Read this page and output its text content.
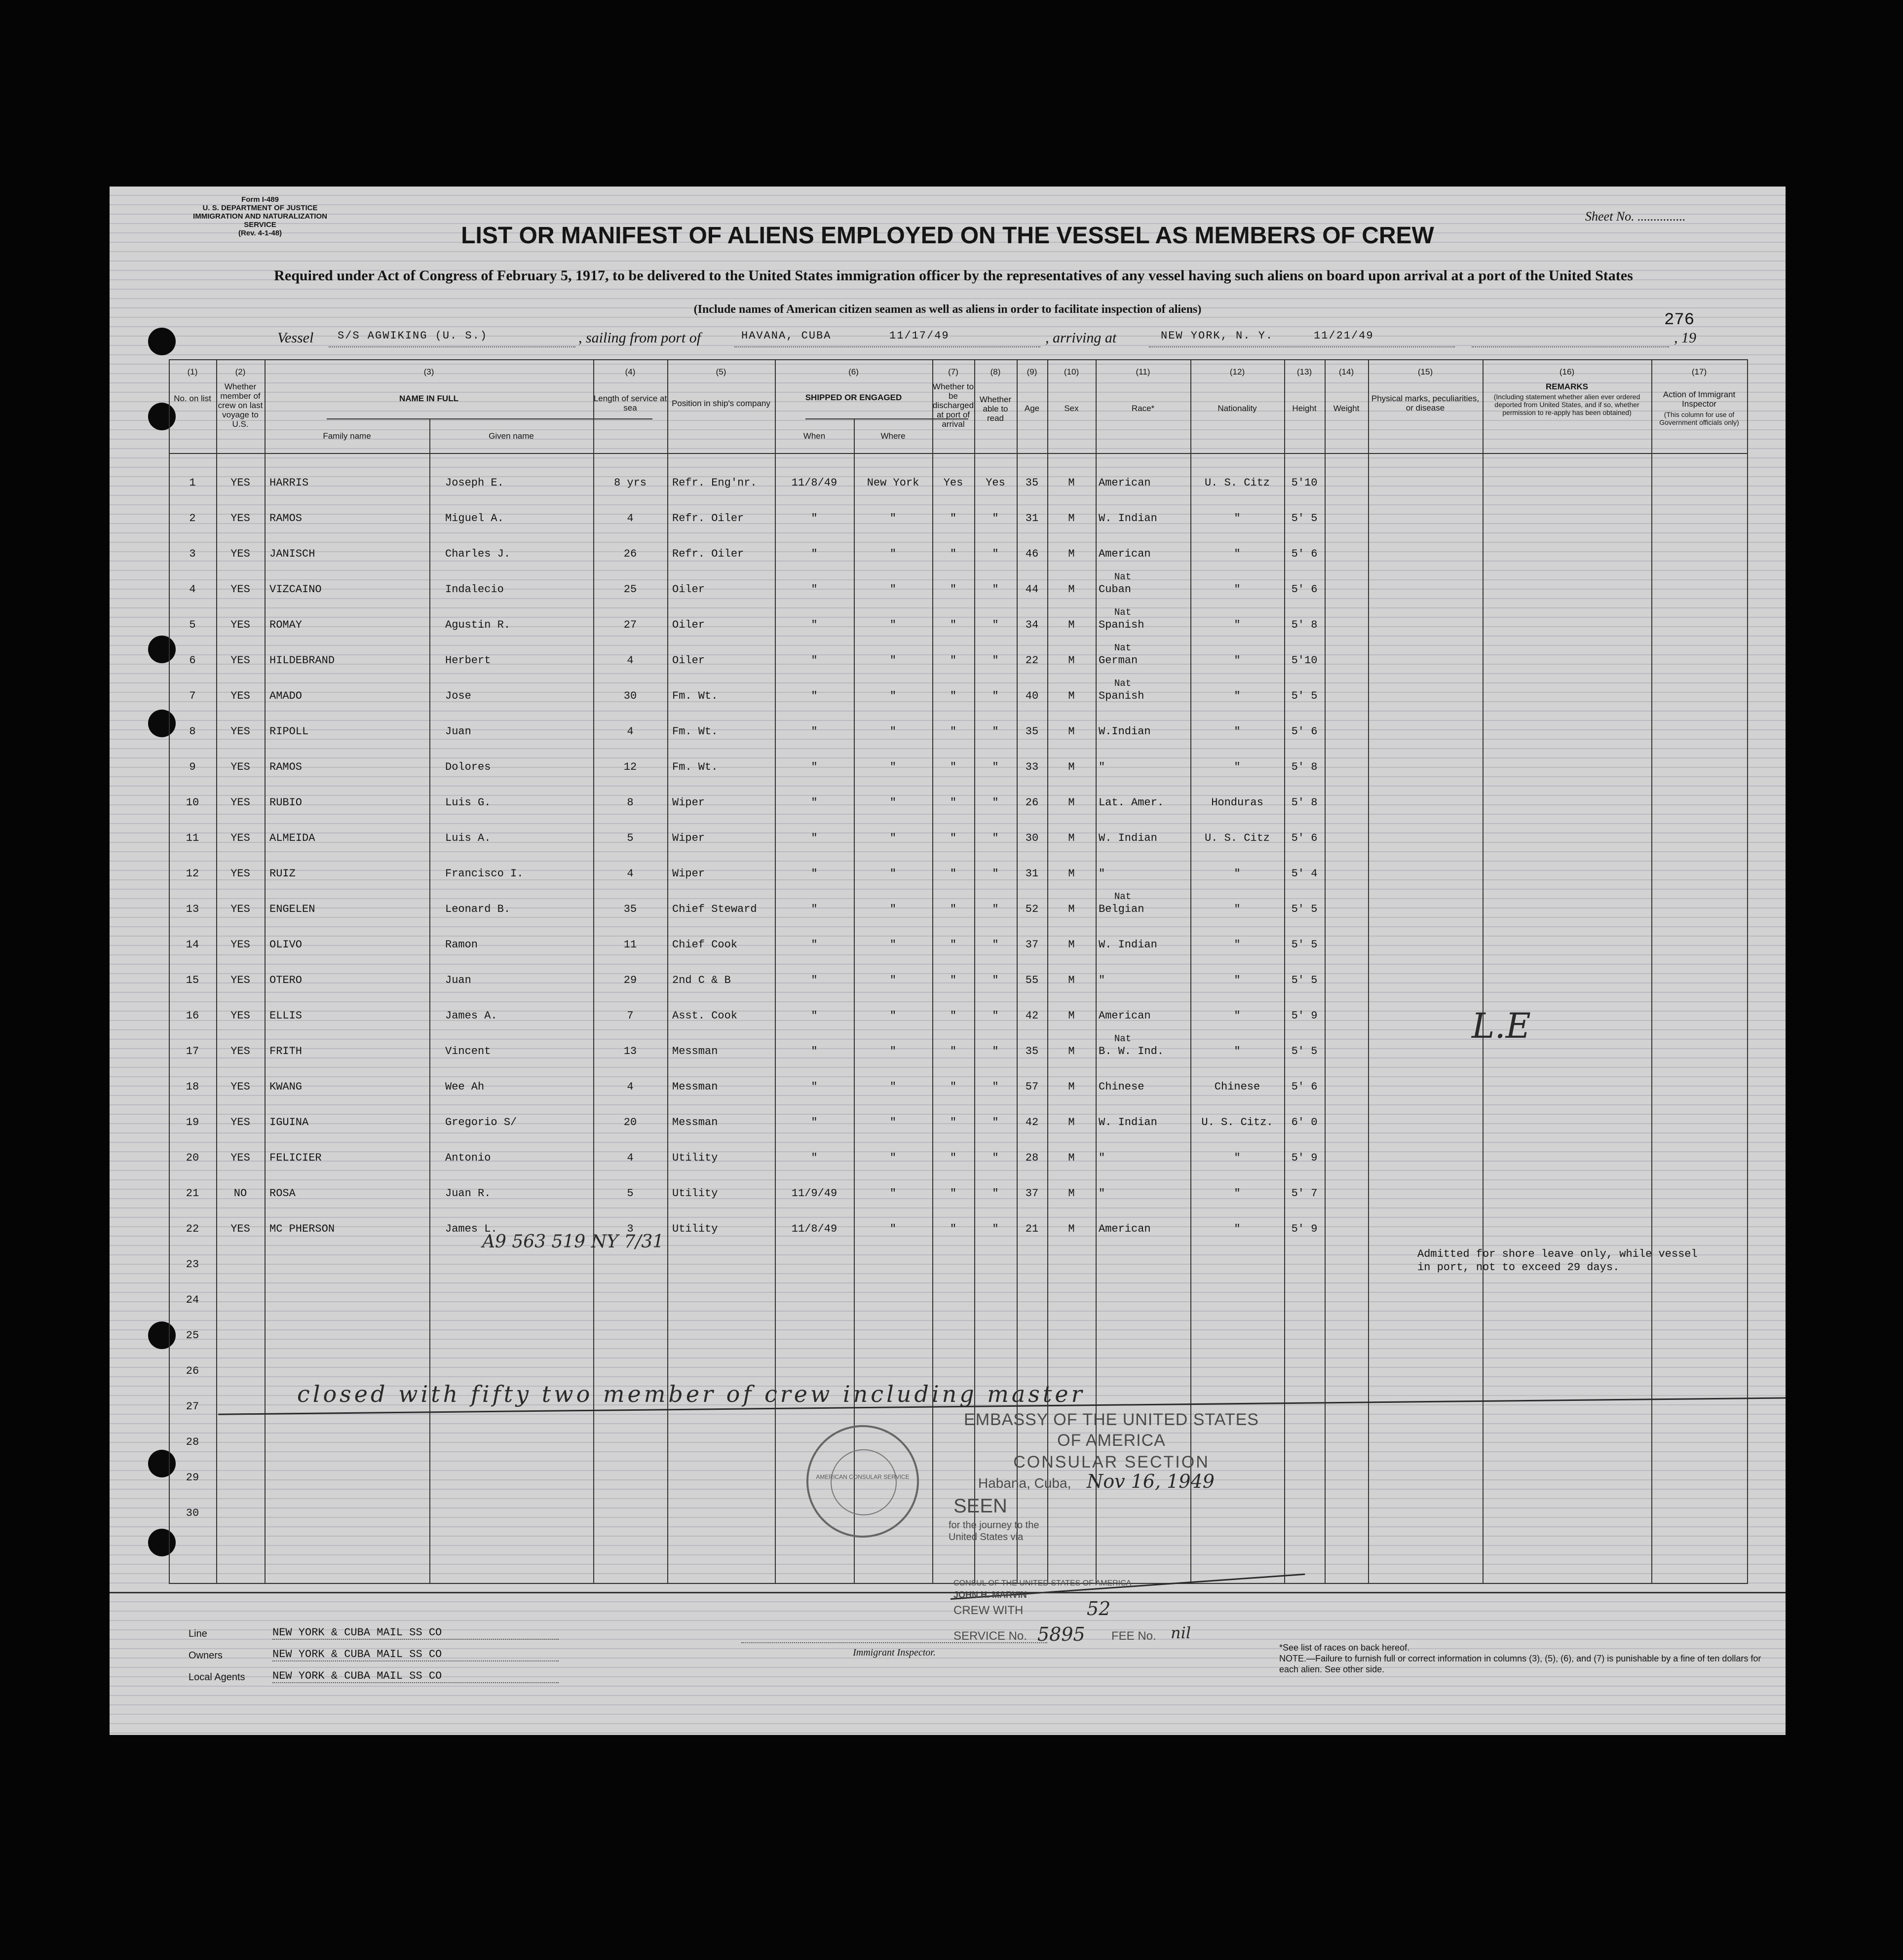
Form I-489
U. S. DEPARTMENT OF JUSTICE
IMMIGRATION AND NATURALIZATION SERVICE
(Rev. 4-1-48)
Sheet No. ...............
LIST OR MANIFEST OF ALIENS EMPLOYED ON THE VESSEL AS MEMBERS OF CREW
Required under Act of Congress of February 5, 1917, to be delivered to the United States immigration officer by the representatives of any vessel having such aliens on board upon arrival at a port of the United States
(Include names of American citizen seamen as well as aliens in order to facilitate inspection of aliens)
276
Vessel S/S AGWIKING (U. S.)	, sailing from port of	HAVANA, CUBA	11/17/49	, arriving at	NEW YORK, N. Y.	11/21/49	, 19
(1)	(2)	(3)	(4)	(5)	(6)	(7)	(8)	(9)	(10)	(11)	(12)	(13)	(14)	(15)	(16)	(17)
No. on list
Whether member of crew on last voyage to U.S.
NAME IN FULL
Family name	Given name
Length of service at sea	Position in ship's company
SHIPPED OR ENGAGED
When	Where
Whether to be discharged at port of arrival
Whether able to read
Age	Sex	Race*	Nationality	Height	Weight
Physical marks, peculiarities, or disease
REMARKS
(Including statement whether alien ever ordered deported from United States, and if so, whether permission to re-apply has been obtained)
Action of Immigrant Inspector
(This column for use of Government officials only)
1	YES	HARRIS	Joseph E.	8 yrs	Refr. Eng'nr.	11/8/49	New York	Yes	Yes	35	M	American	U. S. Citz	5'10
2	YES	RAMOS	Miguel A.	4	Refr. Oiler	"	"	"	"	31	M	W. Indian	"	5' 5
3	YES	JANISCH	Charles J.	26	Refr. Oiler	"	"	"	"	46	M	American	"	5' 6
4	YES	VIZCAINO	Indalecio	25	Oiler	"	"	"	"	44	M	Cuban	"	5' 6
Nat
5	YES	ROMAY	Agustin R.	27	Oiler	"	"	"	"	34	M	Spanish	"	5' 8
Nat
6	YES	HILDEBRAND	Herbert	4	Oiler	"	"	"	"	22	M	German	"	5'10
Nat
7	YES	AMADO	Jose	30	Fm. Wt.	"	"	"	"	40	M	Spanish	"	5' 5
Nat
8	YES	RIPOLL	Juan	4	Fm. Wt.	"	"	"	"	35	M	W.Indian	"	5' 6
9	YES	RAMOS	Dolores	12	Fm. Wt.	"	"	"	"	33	M	"	"	5' 8
10	YES	RUBIO	Luis G.	8	Wiper	"	"	"	"	26	M	Lat. Amer.	Honduras	5' 8
11	YES	ALMEIDA	Luis A.	5	Wiper	"	"	"	"	30	M	W. Indian	U. S. Citz	5' 6
12	YES	RUIZ	Francisco I.	4	Wiper	"	"	"	"	31	M	"	"	5' 4
13	YES	ENGELEN	Leonard B.	35	Chief Steward	"	"	"	"	52	M	Belgian	"	5' 5
Nat
14	YES	OLIVO	Ramon	11	Chief Cook	"	"	"	"	37	M	W. Indian	"	5' 5
15	YES	OTERO	Juan	29	2nd C & B	"	"	"	"	55	M	"	"	5' 5
16	YES	ELLIS	James A.	7	Asst. Cook	"	"	"	"	42	M	American	"	5' 9
17	YES	FRITH	Vincent	13	Messman	"	"	"	"	35	M	B. W. Ind.	"	5' 5
Nat
18	YES	KWANG	Wee Ah	4	Messman	"	"	"	"	57	M	Chinese	Chinese	5' 6
19	YES	IGUINA	Gregorio S/	20	Messman	"	"	"	"	42	M	W. Indian	U. S. Citz.	6' 0
20	YES	FELICIER	Antonio	4	Utility	"	"	"	"	28	M	"	"	5' 9
21	NO	ROSA	Juan R.	5	Utility	11/9/49	"	"	"	37	M	"	"	5' 7
22	YES	MC PHERSON	James L.	3	Utility	11/8/49	"	"	"	21	M	American	"	5' 9
23
24
25
26
27
28
29
30
L.E
A9 563 519 NY 7/31
closed with fifty two member of crew including master
Admitted for shore leave only, while vessel in port, not to exceed 29 days.
AMERICAN CONSULAR SERVICE
EMBASSY OF THE UNITED STATES
OF AMERICA
CONSULAR SECTION
Habana, Cuba, Nov 16, 1949
SEEN
for the journey to the
United States via
CONSUL OF THE UNITED STATES OF AMERICA
JOHN H. MARVIN
CREW WITH	52
SERVICE No. 5895 FEE No. nil
Line	NEW YORK & CUBA MAIL SS CO
Owners	NEW YORK & CUBA MAIL SS CO
Local Agents	NEW YORK & CUBA MAIL SS CO
Immigrant Inspector.	*See list of races on back hereof.
NOTE.—Failure to furnish full or correct information in columns (3), (5), (6), and (7) is punishable by a fine of ten dollars for each alien. See other side.
